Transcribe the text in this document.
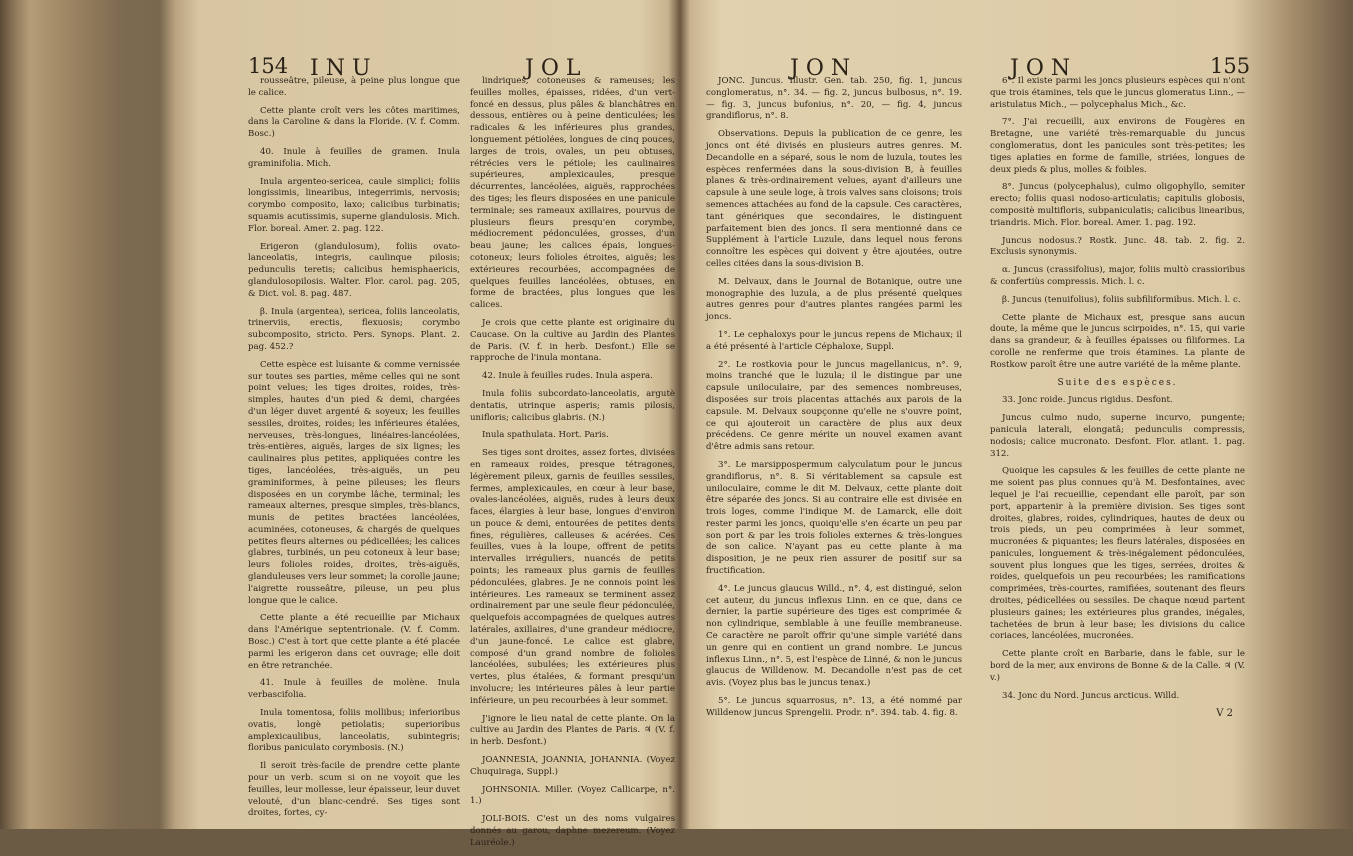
154 INU	JOL

rousseâtre, pileuse, à peine plus longue que le calice.

Cette plante croît vers les côtes maritimes, dans la Caroline & dans la Floride. (V. f. Comm. Bosc.)

40. Inule à feuilles de gramen. Inula graminifolia. Mich.

Inula argenteo-sericea, caule simplici; foliis longissimis, linearibus, integerrimis, nervosis; corymbo composito, laxo; calicibus turbinatis; squamis acutissimis, superne glandulosis. Mich. Flor. boreal. Amer. 2. pag. 122.

Erigeron (glandulosum), foliis ovato-lanceolatis, integris, caulinque pilosis; pedunculis teretis; calicibus hemisphaericis, glandulosopilosis. Walter. Flor. carol. pag. 205, & Dict. vol. 8. pag. 487.

β. Inula (argentea), sericea, foliis lanceolatis, trinerviis, erectis, flexuosis; corymbo subcomposito, stricto. Pers. Synops. Plant. 2. pag. 452.?

Cette espèce est luisante & comme vernissée sur toutes ses parties, même celles qui ne sont point velues; les tiges droites, roides, très-simples, hautes d'un pied & demi, chargées d'un léger duvet argenté & soyeux; les feuilles sessiles, droites, roides; les inférieures étalées, nerveuses, très-longues, linéaires-lancéolées, très-entières, aiguës, larges de six lignes; les caulinaires plus petites, appliquées contre les tiges, lancéolées, très-aiguës, un peu graminiformes, à peine pileuses; les fleurs disposées en un corymbe lâche, terminal; les rameaux alternes, presque simples, très-blancs, munis de petites bractées lancéolées, acuminées, cotoneuses, & chargés de quelques petites fleurs alternes ou pédicellées; les calices glabres, turbinés, un peu cotoneux à leur base; leurs folioles roides, droites, très-aiguës, glanduleuses vers leur sommet; la corolle jaune; l'aigrette rousseâtre, pileuse, un peu plus longue que le calice.

Cette plante a été recueillie par Michaux dans l'Amérique septentrionale. (V. f. Comm. Bosc.) C'est à tort que cette plante a été placée parmi les erigeron dans cet ouvrage; elle doit en être retranchée.

41. Inule à feuilles de molène. Inula verbascifolia.

Inula tomentosa, foliis mollibus; inferioribus ovatis, longè petiolatis; superioribus amplexicaulibus, lanceolatis, subintegris; floribus paniculato corymbosis. (N.)

Il seroit très-facile de prendre cette plante pour un verb. scum si on ne voyoit que les feuilles, leur mollesse, leur épaisseur, leur duvet velouté, d'un blanc-cendré. Ses tiges sont droites, fortes, cy-

lindriques, cotoneuses & rameuses; les feuilles molles, épaisses, ridées, d'un vert-foncé en dessus, plus pâles & blanchâtres en dessous, entières ou à peine denticulées; les radicales & les inférieures plus grandes, longuement pétiolées, longues de cinq pouces, larges de trois, ovales, un peu obtuses, rétrécies vers le pétiole; les caulinaires supérieures, amplexicaules, presque décurrentes, lancéolées, aiguës, rapprochées des tiges; les fleurs disposées en une panicule terminale; ses rameaux axillaires, pourvus de plusieurs fleurs presqu'en corymbe, médiocrement pédonculées, grosses, d'un beau jaune; les calices épais, longues-cotoneux; leurs folioles étroites, aiguës; les extérieures recourbées, accompagnées de quelques feuilles lancéolées, obtuses, en forme de bractées, plus longues que les calices.

Je crois que cette plante est originaire du Caucase. On la cultive au Jardin des Plantes de Paris. (V. f. in herb. Desfont.) Elle se rapproche de l'inula montana.

42. Inule à feuilles rudes. Inula aspera.

Inula foliis subcordato-lanceolatis, argutè dentatis, utrinque asperis; ramis pilosis, unifloris; calicibus glabris. (N.)

Inula spathulata. Hort. Paris.

Ses tiges sont droites, assez fortes, divisées en rameaux roides, presque tétragones, légèrement pileux, garnis de feuilles sessiles, fermes, amplexicaules, en cœur à leur base, ovales-lancéolées, aiguës, rudes à leurs deux faces, élargies à leur base, longues d'environ un pouce & demi, entourées de petites dents fines, régulières, calleuses & acérées. Ces feuilles, vues à la loupe, offrent de petits intervalles irréguliers, nuancés de petits points; les rameaux plus garnis de feuilles pédonculées, glabres. Je ne connois point les intérieures. Les rameaux se terminent assez ordinairement par une seule fleur pédonculée, quelquefois accompagnées de quelques autres latérales, axillaires, d'une grandeur médiocre, d'un jaune-foncé. Le calice est glabre, composé d'un grand nombre de folioles lancéolées, subulées; les extérieures plus vertes, plus étalées, & formant presqu'un involucre; les intérieures pâles à leur partie inférieure, un peu recourbées à leur sommet.

J'ignore le lieu natal de cette plante. On la cultive au Jardin des Plantes de Paris. ♃ (V. f. in herb. Desfont.)

JOANNESIA, JOANNIA, JOHANNIA. (Voyez Chuquiraga, Suppl.)

JOHNSONIA. Miller. (Voyez Callicarpe, n°. 1.)

JOLI-BOIS. C'est un des noms vulgaires donnés au garou, daphne mezereum. (Voyez Lauréole.)

JON	JON	155

JONC. Juncus. Illustr. Gen. tab. 250, fig. 1, juncus conglomeratus, n°. 34. — fig. 2, juncus bulbosus, n°. 19. — fig. 3, juncus bufonius, n°. 20, — fig. 4, juncus grandiflorus, n°. 8.

Observations. Depuis la publication de ce genre, les joncs ont été divisés en plusieurs autres genres. M. Decandolle en a séparé, sous le nom de luzula, toutes les espèces renfermées dans la sous-division B, à feuilles planes & très-ordinairement velues, ayant d'ailleurs une capsule à une seule loge, à trois valves sans cloisons; trois semences attachées au fond de la capsule. Ces caractères, tant génériques que secondaires, le distinguent parfaitement bien des joncs. Il sera mentionné dans ce Supplément à l'article Luzule, dans lequel nous ferons connoître les espèces qui doivent y être ajoutées, outre celles citées dans la sous-division B.

M. Delvaux, dans le Journal de Botanique, outre une monographie des luzula, a de plus présenté quelques autres genres pour d'autres plantes rangées parmi les joncs.

1°. Le cephaloxys pour le juncus repens de Michaux; il a été présenté à l'article Céphaloxe, Suppl.

2°. Le rostkovia pour le juncus magellanicus, n°. 9, moins tranché que le luzula; il le distingue par une capsule uniloculaire, par des semences nombreuses, disposées sur trois placentas attachés aux parois de la capsule. M. Delvaux soupçonne qu'elle ne s'ouvre point, ce qui ajouteroit un caractère de plus aux deux précédens. Ce genre mérite un nouvel examen avant d'être admis sans retour.

3°. Le marsippospermum calyculatum pour le juncus grandiflorus, n°. 8. Si véritablement sa capsule est uniloculaire, comme le dit M. Delvaux, cette plante doit être séparée des joncs. Si au contraire elle est divisée en trois loges, comme l'indique M. de Lamarck, elle doit rester parmi les joncs, quoiqu'elle s'en écarte un peu par son port & par les trois folioles externes & très-longues de son calice. N'ayant pas eu cette plante à ma disposition, je ne peux rien assurer de positif sur sa fructification.

4°. Le juncus glaucus Willd., n°. 4, est distingué, selon cet auteur, du juncus inflexus Linn. en ce que, dans ce dernier, la partie supérieure des tiges est comprimée & non cylindrique, semblable à une feuille membraneuse. Ce caractère ne paroît offrir qu'une simple variété dans un genre qui en contient un grand nombre. Le juncus inflexus Linn., n°. 5, est l'espèce de Linné, & non le juncus glaucus de Willdenow. M. Decandolle n'est pas de cet avis. (Voyez plus bas le juncus tenax.)

5°. Le juncus squarrosus, n°. 13, a été nommé par Willdenow juncus Sprengelii. Prodr. n°. 394. tab. 4. fig. 8.

6°. Il existe parmi les joncs plusieurs espèces qui n'ont que trois étamines, tels que le juncus glomeratus Linn., — aristulatus Mich., — polycephalus Mich., &c.

7°. J'ai recueilli, aux environs de Fougères en Bretagne, une variété très-remarquable du juncus conglomeratus, dont les panicules sont très-petites; les tiges aplaties en forme de famille, striées, longues de deux pieds & plus, molles & foibles.

8°. Juncus (polycephalus), culmo oligophyllo, semiter erecto; foliis quasi nodoso-articulatis; capitulis globosis, compositè multifloris, subpaniculatis; calicibus linearibus, triandris. Mich. Flor. boreal. Amer. 1. pag. 192.

Juncus nodosus.? Rostk. Junc. 48. tab. 2. fig. 2. Exclusis synonymis.

α. Juncus (crassifolius), major, foliis multò crassioribus & confertiùs compressis. Mich. l. c.

β. Juncus (tenuifolius), foliis subfiliformibus. Mich. l. c.

Cette plante de Michaux est, presque sans aucun doute, la même que le juncus scirpoides, n°. 15, qui varie dans sa grandeur, & à feuilles épaisses ou filiformes. La corolle ne renferme que trois étamines. La plante de Rostkow paroît être une autre variété de la même plante.

Suite des espèces.

33. Jonc roide. Juncus rigidus. Desfont.

Juncus culmo nudo, superne incurvo, pungente; panicula laterali, elongatâ; pedunculis compressis, nodosis; calice mucronato. Desfont. Flor. atlant. 1. pag. 312.

Quoique les capsules & les feuilles de cette plante ne me soient pas plus connues qu'à M. Desfontaines, avec lequel je l'ai recueillie, cependant elle paroît, par son port, appartenir à la première division. Ses tiges sont droites, glabres, roides, cylindriques, hautes de deux ou trois pieds, un peu comprimées à leur sommet, mucronées & piquantes; les fleurs latérales, disposées en panicules, longuement & très-inégalement pédonculées, souvent plus longues que les tiges, serrées, droites & roides, quelquefois un peu recourbées; les ramifications comprimées, très-courtes, ramifiées, soutenant des fleurs droites, pédicellées ou sessiles. De chaque nœud partent plusieurs gaines; les extérieures plus grandes, inégales, tachetées de brun à leur base; les divisions du calice coriaces, lancéolées, mucronées.

Cette plante croît en Barbarie, dans le fable, sur le bord de la mer, aux environs de Bonne & de la Calle. ♃ (V. v.)

34. Jonc du Nord. Juncus arcticus. Willd.

V 2
